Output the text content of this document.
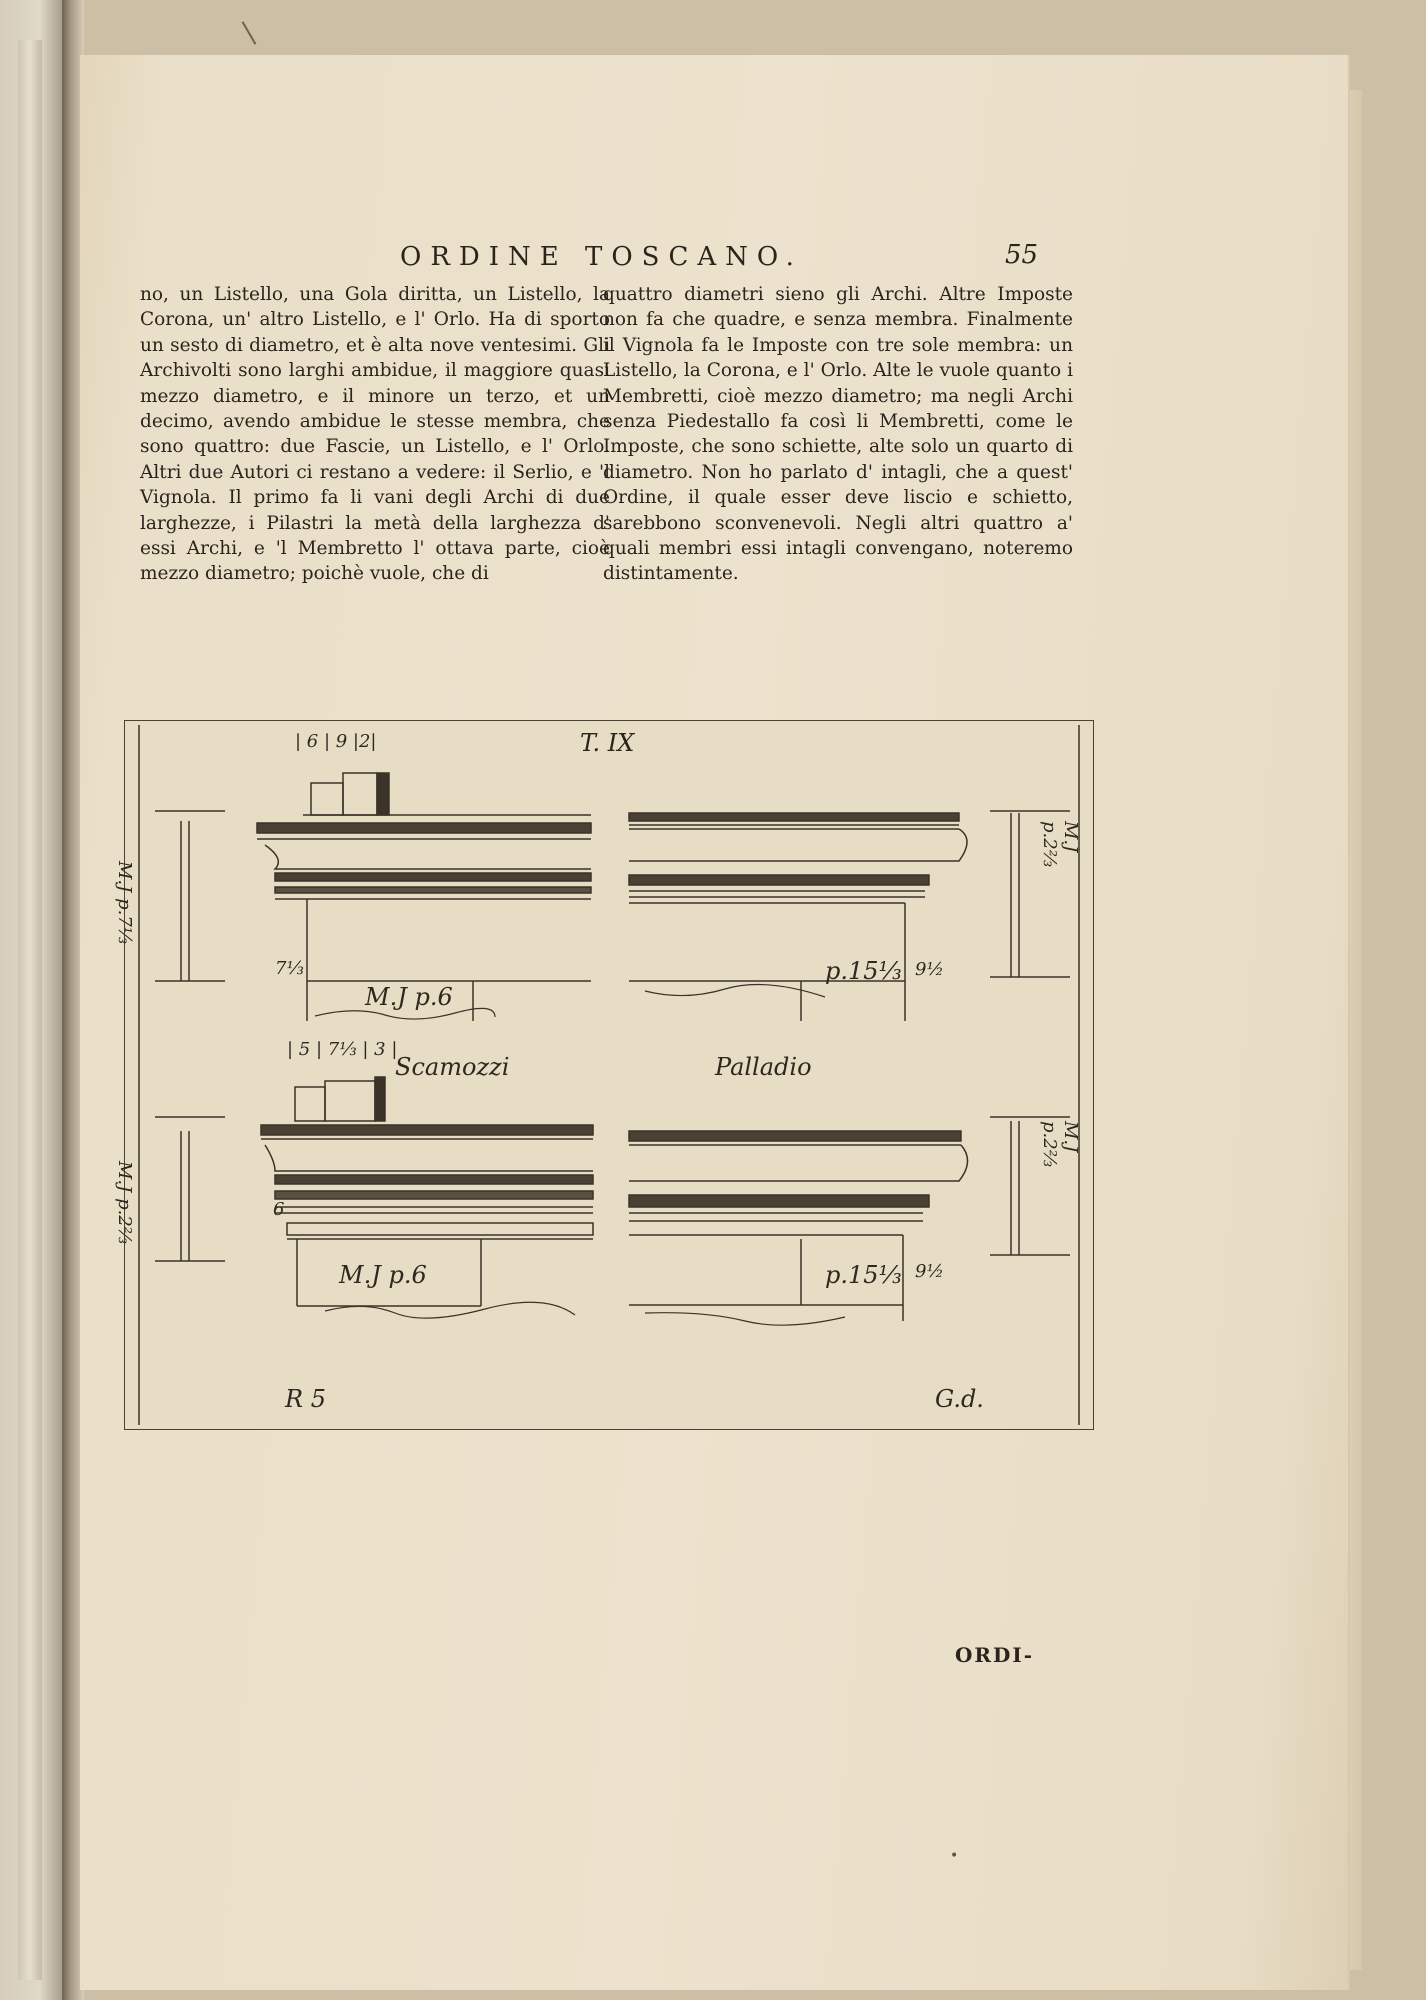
ORDINE TOSCANO.	55

no, un Listello, una Gola diritta, un Listello, la Corona, un' altro Listello, e l' Orlo. Ha di sporto un sesto di diametro, et è alta nove ventesimi. Gli Archivolti sono larghi ambidue, il maggiore quasi mezzo diametro, e il minore un terzo, et un decimo, avendo ambidue le stesse membra, che sono quattro: due Fascie, un Listello, e l' Orlo. Altri due Autori ci restano a vedere: il Serlio, e 'l Vignola. Il primo fa li vani degli Archi di due larghezze, i Pilastri la metà della larghezza d' essi Archi, e 'l Membretto l' ottava parte, cioè mezzo diametro; poichè vuole, che di

quattro diametri sieno gli Archi. Altre Imposte non fa che quadre, e senza membra. Finalmente il Vignola fa le Imposte con tre sole membra: un Listello, la Corona, e l' Orlo. Alte le vuole quanto i Membretti, cioè mezzo diametro; ma negli Archi senza Piedestallo fa così li Membretti, come le Imposte, che sono schiette, alte solo un quarto di diametro. Non ho parlato d' intagli, che a quest' Ordine, il quale esser deve liscio e schietto, sarebbono sconvenevoli. Negli altri quattro a' quali membri essi intagli convengano, noteremo distintamente.

T. IX
| 6 | 9 |2|
M.J p.7⅓
7⅓
M.J p.6
p.15⅓ 9½
M.J p.2⅔
| 5 | 7⅓ | 3 |
Scamozzi	Palladio
M.J p.2⅔	6
M.J p.6	p.15⅓ 9½
M.J p.2⅔
R 5	G.d.
ORDI-
•
